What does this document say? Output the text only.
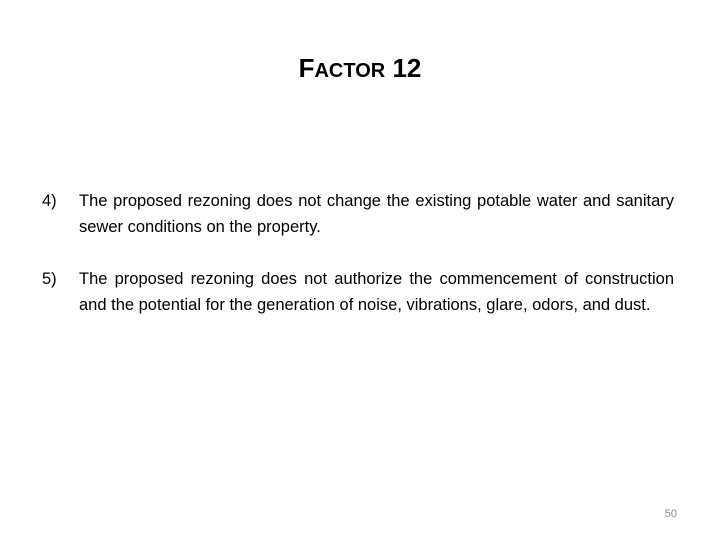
FACTOR 12
4)	The proposed rezoning does not change the existing potable water and sanitary sewer conditions on the property.
5)	The proposed rezoning does not authorize the commencement of construction and the potential for the generation of noise, vibrations, glare, odors, and dust.
50
